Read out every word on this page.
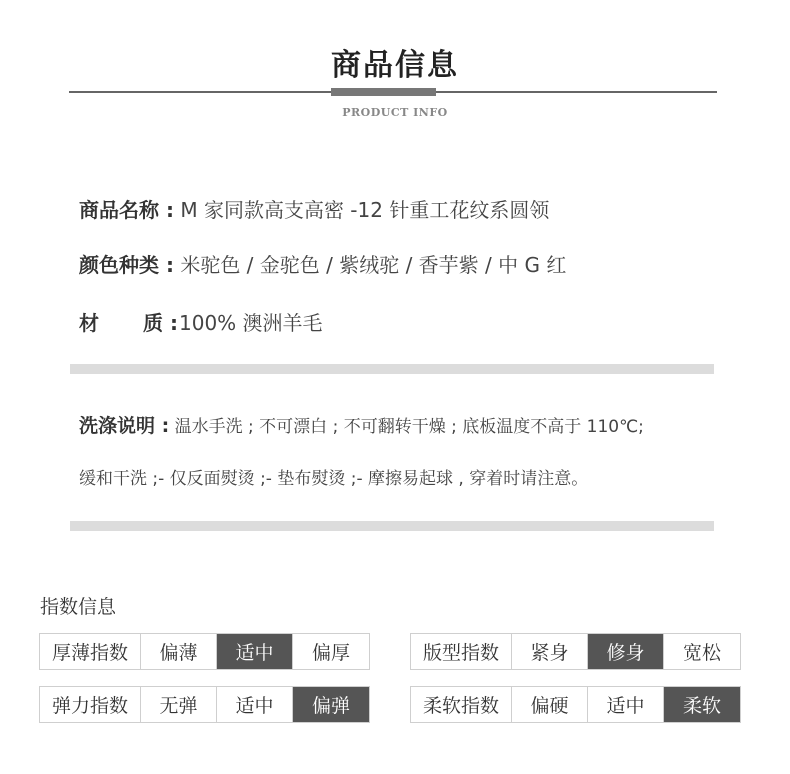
商品信息
PRODUCT INFO
商品名称 : M 家同款高支高密 -12 针重工花纹系圆领
颜色种类 : 米驼色 / 金驼色 / 紫绒驼 / 香芋紫 / 中 G 红
材 质 :100% 澳洲羊毛
洗涤说明 : 温水手洗 ; 不可漂白 ; 不可翻转干燥 ; 底板温度不高于 110℃;
缓和干洗 ;- 仅反面熨烫 ;- 垫布熨烫 ;- 摩擦易起球 , 穿着时请注意。
指数信息
厚薄指数	偏薄	适中	偏厚	版型指数	紧身	修身	宽松
弹力指数	无弹	适中	偏弹	柔软指数	偏硬	适中	柔软
